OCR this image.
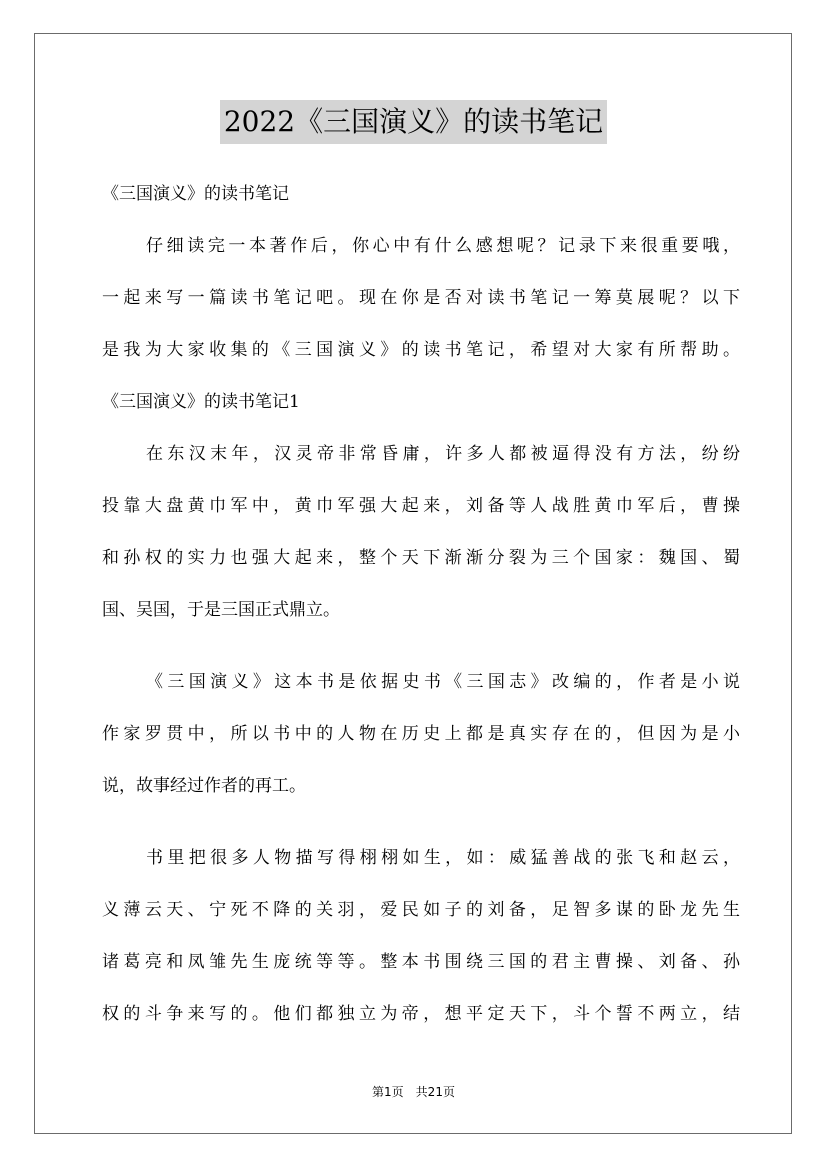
2022《三国演义》的读书笔记
《三国演义》的读书笔记
仔细读完一本著作后，你心中有什么感想呢？记录下来很重要哦，
一起来写一篇读书笔记吧。现在你是否对读书笔记一筹莫展呢？以下
是我为大家收集的《三国演义》的读书笔记，希望对大家有所帮助。
《三国演义》的读书笔记1
在东汉末年，汉灵帝非常昏庸，许多人都被逼得没有方法，纷纷
投靠大盘黄巾军中，黄巾军强大起来，刘备等人战胜黄巾军后，曹操
和孙权的实力也强大起来，整个天下渐渐分裂为三个国家：魏国、蜀
国、吴国，于是三国正式鼎立。
《三国演义》这本书是依据史书《三国志》改编的，作者是小说
作家罗贯中，所以书中的人物在历史上都是真实存在的，但因为是小
说，故事经过作者的再工。
书里把很多人物描写得栩栩如生，如：威猛善战的张飞和赵云，
义薄云天、宁死不降的关羽，爱民如子的刘备，足智多谋的卧龙先生
诸葛亮和凤雏先生庞统等等。整本书围绕三国的君主曹操、刘备、孙
权的斗争来写的。他们都独立为帝，想平定天下，斗个誓不两立，结
第1页　共21页
